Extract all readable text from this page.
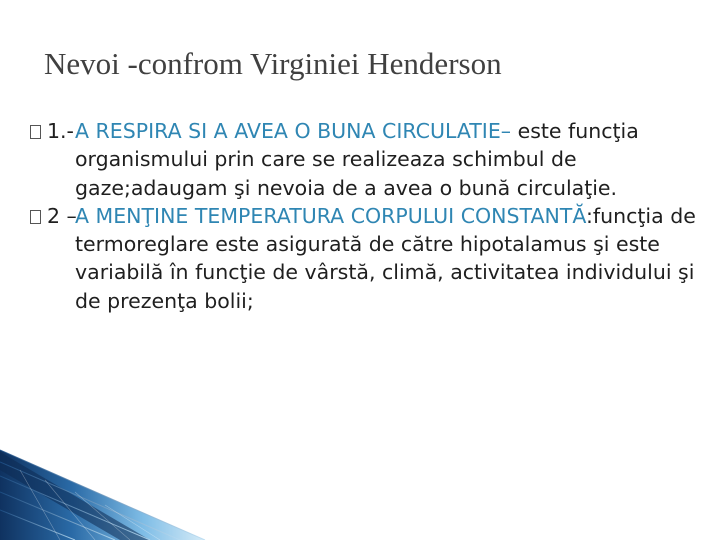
Nevoi -confrom Virginiei Henderson
1.- A RESPIRA SI A AVEA O BUNA CIRCULATIE– este funcţia organismului prin care se realizeaza schimbul de gaze;adaugam şi nevoia de a avea o bună circulaţie.
2 –
A MENŢINE TEMPERATURA CORPULUI CONSTANTĂ:funcţia de termoreglare este asigurată de către hipotalamus şi este variabilă în funcţie de vârstă, climă, activitatea individului şi de prezenţa bolii;
